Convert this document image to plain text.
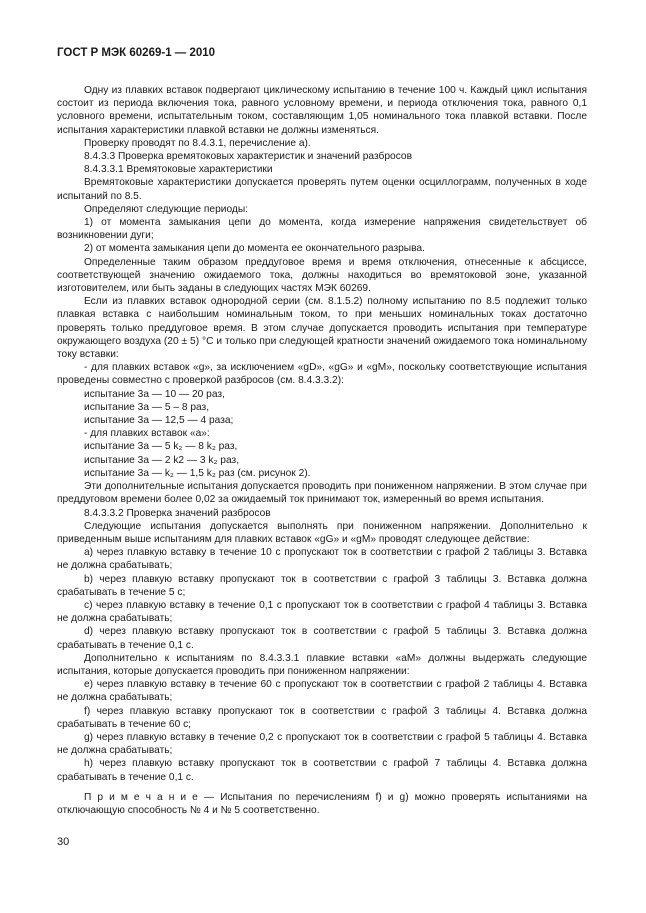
ГОСТ Р МЭК 60269-1 — 2010

Одну из плавких вставок подвергают циклическому испытанию в течение 100 ч. Каждый цикл испытания состоит из периода включения тока, равного условному времени, и периода отключения тока, равного 0,1 условного времени, испытательным током, составляющим 1,05 номинального тока плавкой вставки. После испытания характеристики плавкой вставки не должны изменяться.

Проверку проводят по 8.4.3.1, перечисление а).

8.4.3.3 Проверка времятоковых характеристик и значений разбросов

8.4.3.3.1 Времятоковые характеристики

Времятоковые характеристики допускается проверять путем оценки осциллограмм, полученных в ходе испытаний по 8.5.

Определяют следующие периоды:

1) от момента замыкания цепи до момента, когда измерение напряжения свидетельствует об возникновении дуги;

2) от момента замыкания цепи до момента ее окончательного разрыва.

Определенные таким образом преддуговое время и время отключения, отнесенные к абсциссе, соответствующей значению ожидаемого тока, должны находиться во времятоковой зоне, указанной изготовителем, или быть заданы в следующих частях МЭК 60269.

Если из плавких вставок однородной серии (см. 8.1.5.2) полному испытанию по 8.5 подлежит только плавкая вставка с наибольшим номинальным током, то при меньших номинальных токах достаточно проверять только преддуговое время. В этом случае допускается проводить испытания при температуре окружающего воздуха (20 ± 5) °С и только при следующей кратности значений ожидаемого тока номинальному току вставки:

- для плавких вставок «g», за исключением «gD», «gG» и «gM», поскольку соответствующие испытания проведены совместно с проверкой разбросов (см. 8.4.3.3.2):

испытание 3a — 10 — 20 раз,

испытание 3a — 5 – 8 раз,

испытание 3a — 12,5 — 4 раза;

- для плавких вставок «a»:

испытание 3a — 5 k₂ — 8 k₂ раз,

испытание 3a — 2 k2 — 3 k₂ раз,

испытание 3a — k₂ — 1,5 k₂ раз (см. рисунок 2).

Эти дополнительные испытания допускается проводить при пониженном напряжении. В этом случае при преддуговом времени более 0,02 за ожидаемый ток принимают ток, измеренный во время испытания.

8.4.3.3.2 Проверка значений разбросов

Следующие испытания допускается выполнять при пониженном напряжении. Дополнительно к приведенным выше испытаниям для плавких вставок «gG» и «gM» проводят следующее действие:

а) через плавкую вставку в течение 10 с пропускают ток в соответствии с графой 2 таблицы 3. Вставка не должна срабатывать;

b) через плавкую вставку пропускают ток в соответствии с графой 3 таблицы 3. Вставка должна срабатывать в течение 5 с;

с) через плавкую вставку в течение 0,1 с пропускают ток в соответствии с графой 4 таблицы 3. Вставка не должна срабатывать;

d) через плавкую вставку пропускают ток в соответствии с графой 5 таблицы 3. Вставка должна срабатывать в течение 0,1 с.

Дополнительно к испытаниям по 8.4.3.3.1 плавкие вставки «aM» должны выдержать следующие испытания, которые допускается проводить при пониженном напряжении:

е) через плавкую вставку в течение 60 с пропускают ток в соответствии с графой 2 таблицы 4. Вставка не должна срабатывать;

f) через плавкую вставку пропускают ток в соответствии с графой 3 таблицы 4. Вставка должна срабатывать в течение 60 с;

g) через плавкую вставку в течение 0,2 с пропускают ток в соответствии с графой 5 таблицы 4. Вставка не должна срабатывать;

h) через плавкую вставку пропускают ток в соответствии с графой 7 таблицы 4. Вставка должна срабатывать в течение 0,1 с.

П р и м е ч а н и е — Испытания по перечислениям f) и g) можно проверять испытаниями на отключающую способность № 4 и № 5 соответственно.

30
